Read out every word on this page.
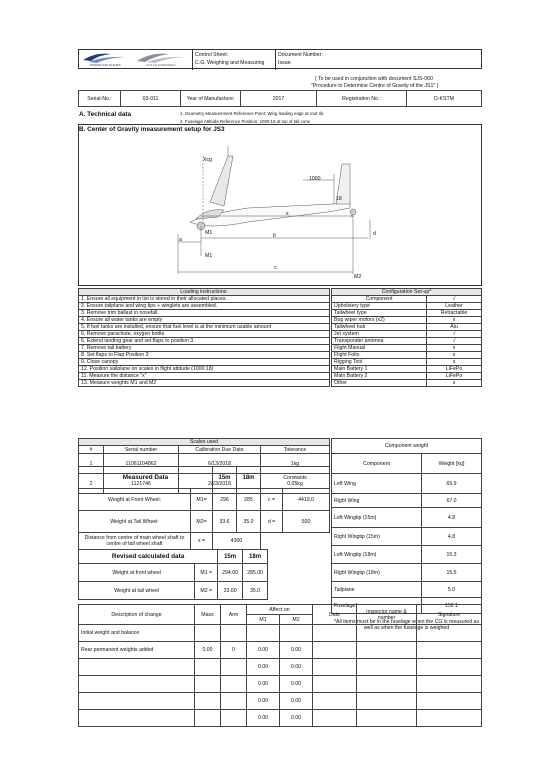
JONKER SAILPLANES	M-D FLUGZEUGBAU
Control Sheet:
C.G. Weighing and Measuring
Document Number:
Issue:
( To be used in conjunction with document SJS-060
"Procedure to Determine Centre of Gravity of the JS1" )
Serial-No.:	03-011	Year of Manufacture:	2017	Registration No.:	D-KSTM
A. Technical data	1. Geometry Measurement Reference Point: Wing leading edge at root rib
2. Fuselage Attitude Reference Position: 1000:18 at top of tail cone
B. Center of Gravity measurement setup for JS3
Xcg
1000
18
x
M1
a
b	d
M1
c
M2
Loading instructions:
1. Ensure all equipment in list is stored in their allocated places.
2. Ensure tailplane and wing tips + winglets are assembled.
3. Remove trim ballast in nosefall.
4. Ensure all water tanks are empty
5. If fuel tanks are installed, ensure that fuel level is at the minimum usable amount
6. Remove parachute, oxygen bottle
6. Extend landing gear and set flaps to position 3.
7. Remove tail battery
8. Set flaps to Flap Position 3
9. Close canopy
12. Position sailplane on scales in flight attitude (1000:18)
11. Measure the distance "x"
13. Measure weights M1 and M2
Configuration Set-up*	
Component	√
Upholstery type	Leather
Tailwheel type	Retractable
Bug wiper motors (x2)	x
Tailwheel hub	Alu
Jet system	√
Transponder antenna	√
Flight Manual	x
Flight Folio	x
Rigging Tool	x
Main Battery 1	LiFePo
Main Battery 2	LiFePo
Other	x
Scales used			
#	Serial number	Calibration Due Date	Tolerance
1	11061104862	6/13/2018	1kg
2	1121746	2/23/2018	0.05kg
Component weight	
Component	Weight [kg]
Left Wing	65.9
Right Wing	67.0
Left Wingtip (15m)	4.8
Right Wingtip (15m)	4.8
Left Wingtip (18m)	15.3
Right Wingtip (18m)	15.5
Tailplane	5.0
Fuselage*	152.1
*All items must be in the fuselage when the CG is measured as well as when the fuselage is weighed	
Measured Data		15m	18m	Constants	
Weight at Front Wheel:	M1=	296	285	c =	4419.0
Weight at Tail Wheel:	M2=	33.6	35.0	d =	500
Distance from centre of main wheel shaft to centre of tail wheel shaft	x =	4300			
Revised calculated data		15m	18m
Weight at front wheel	M1 =	294.00	285.00
Weight at tail wheel	M2 =	33.60	35.0
Description of change	Mass	Arm	Affect on		Date	Inspector name & number	Signature
			M1	M2			
Initial weight and balance							
Rear permanent weights added	0.00	0	0.00	0.00			
			0.00	0.00			
			0.00	0.00			
			0.00	0.00			
			0.00	0.00			
